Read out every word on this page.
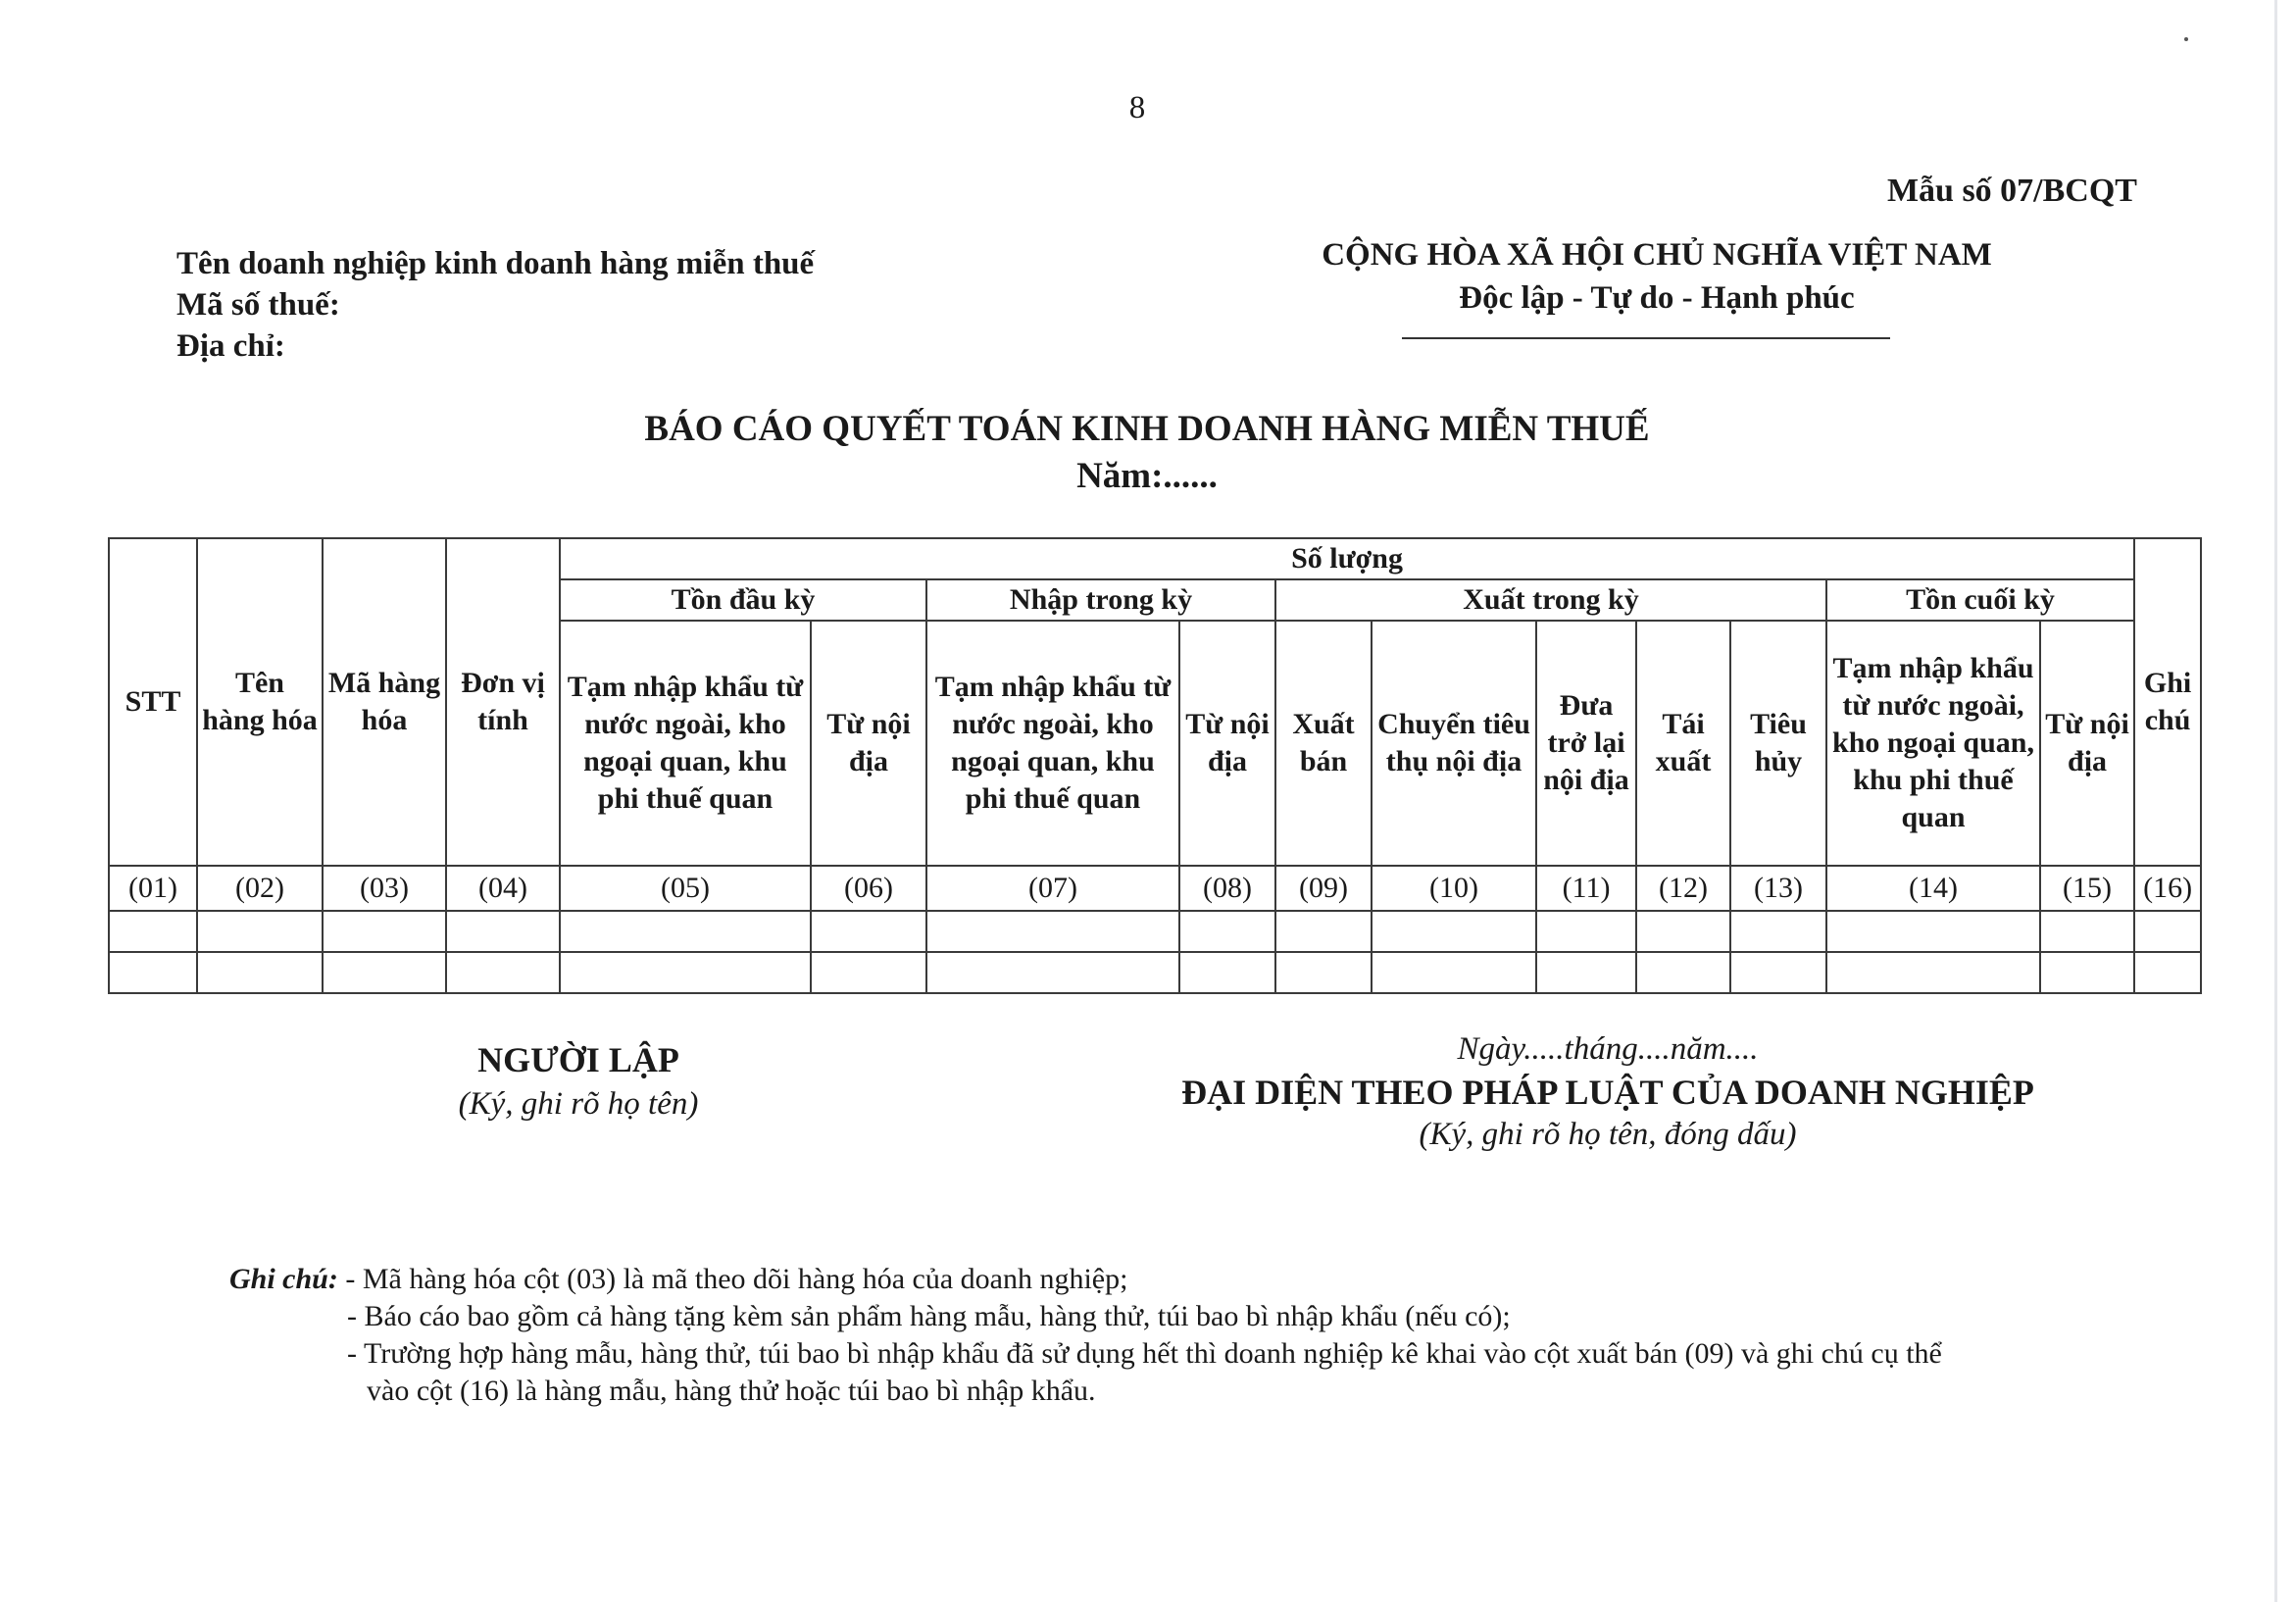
8
Mẫu số 07/BCQT
Tên doanh nghiệp kinh doanh hàng miễn thuế
Mã số thuế:
Địa chỉ:
CỘNG HÒA XÃ HỘI CHỦ NGHĨA VIỆT NAM
Độc lập - Tự do - Hạnh phúc
BÁO CÁO QUYẾT TOÁN KINH DOANH HÀNG MIỄN THUẾ
Năm:......
STT	Tên hàng hóa	Mã hàng hóa	Đơn vị tính	Số lượng											Ghi chú
				Tồn đầu kỳ		Nhập trong kỳ		Xuất trong kỳ					Tồn cuối kỳ		
				Tạm nhập khẩu từ nước ngoài, kho ngoại quan, khu phi thuế quan	Từ nội địa	Tạm nhập khẩu từ nước ngoài, kho ngoại quan, khu phi thuế quan	Từ nội địa	Xuất bán	Chuyển tiêu thụ nội địa	Đưa trở lại nội địa	Tái xuất	Tiêu hủy	Tạm nhập khẩu từ nước ngoài, kho ngoại quan, khu phi thuế quan	Từ nội địa	
(01)	(02)	(03)	(04)	(05)	(06)	(07)	(08)	(09)	(10)	(11)	(12)	(13)	(14)	(15)	(16)

NGƯỜI LẬP
(Ký, ghi rõ họ tên)
Ngày.....tháng....năm....
ĐẠI DIỆN THEO PHÁP LUẬT CỦA DOANH NGHIỆP
(Ký, ghi rõ họ tên, đóng dấu)
Ghi chú: - Mã hàng hóa cột (03) là mã theo dõi hàng hóa của doanh nghiệp;
- Báo cáo bao gồm cả hàng tặng kèm sản phẩm hàng mẫu, hàng thử, túi bao bì nhập khẩu (nếu có);
- Trường hợp hàng mẫu, hàng thử, túi bao bì nhập khẩu đã sử dụng hết thì doanh nghiệp kê khai vào cột xuất bán (09) và ghi chú cụ thể
vào cột (16) là hàng mẫu, hàng thử hoặc túi bao bì nhập khẩu.
